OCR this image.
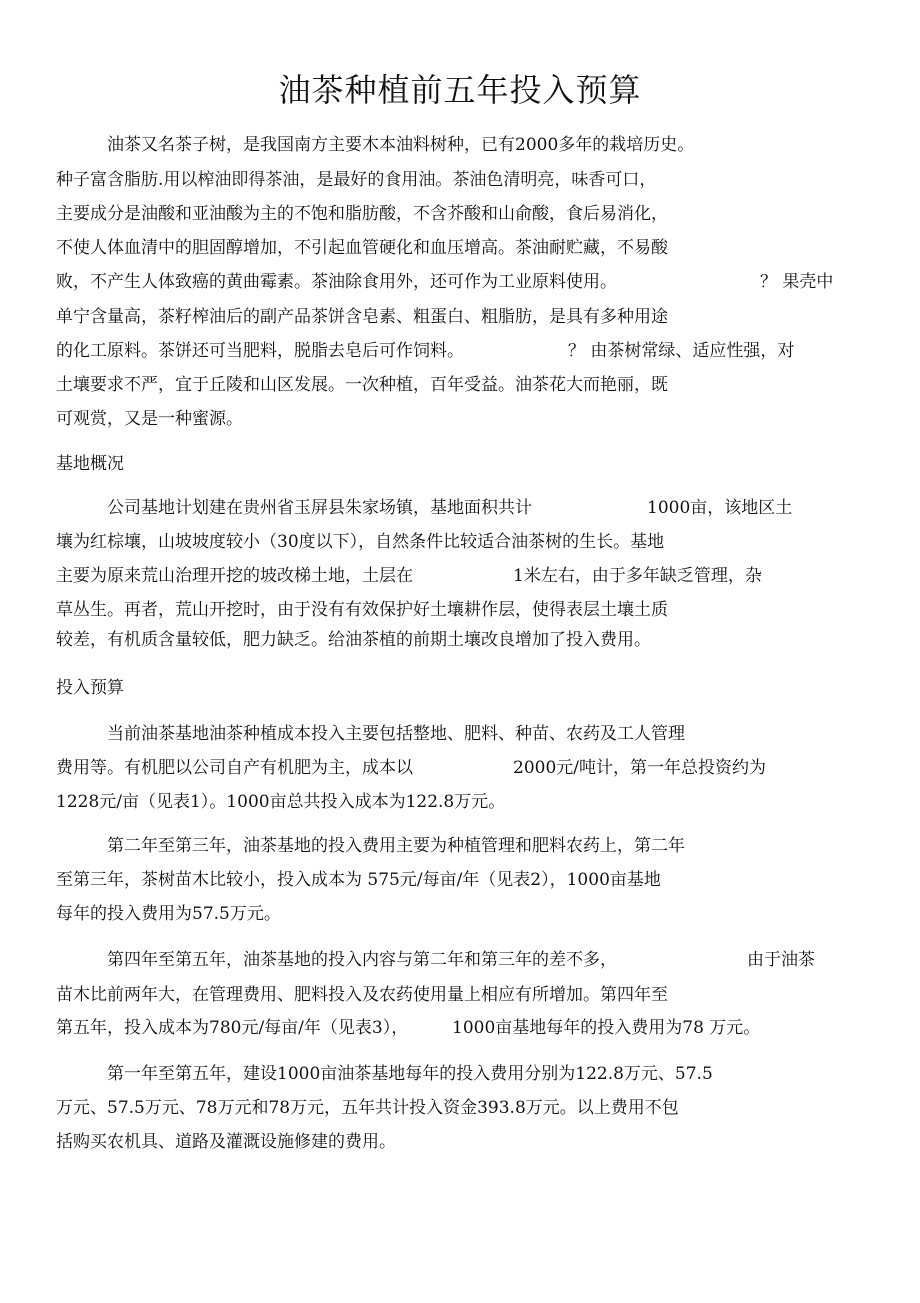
油茶种植前五年投入预算
油茶又名茶子树，是我国南方主要木本油料树种，已有2000多年的栽培历史。
种子富含脂肪.用以榨油即得茶油，是最好的食用油。茶油色清明亮，味香可口，
主要成分是油酸和亚油酸为主的不饱和脂肪酸，不含芥酸和山俞酸，食后易消化，
不使人体血清中的胆固醇增加，不引起血管硬化和血压增高。茶油耐贮藏，不易酸
败，不产生人体致癌的黄曲霉素。茶油除食用外，还可作为工业原料使用。	？ 果壳中
单宁含量高，茶籽榨油后的副产品茶饼含皂素、粗蛋白、粗脂肪，是具有多种用途
的化工原料。茶饼还可当肥料，脱脂去皂后可作饲料。	？ 由茶树常绿、适应性强，对
土壤要求不严，宜于丘陵和山区发展。一次种植，百年受益。油茶花大而艳丽，既
可观赏，又是一种蜜源。
基地概况
公司基地计划建在贵州省玉屏县朱家场镇，基地面积共计	1000亩，该地区土
壤为红棕壤，山坡坡度较小（30度以下），自然条件比较适合油茶树的生长。基地
主要为原来荒山治理开挖的坡改梯土地，土层在	1米左右，由于多年缺乏管理，杂
草丛生。再者，荒山开挖时，由于没有有效保护好土壤耕作层，使得表层土壤土质
较差，有机质含量较低，肥力缺乏。给油茶植的前期土壤改良增加了投入费用。
投入预算
当前油茶基地油茶种植成本投入主要包括整地、肥料、种苗、农药及工人管理
费用等。有机肥以公司自产有机肥为主，成本以	2000元/吨计，第一年总投资约为
1228元/亩（见表1）。1000亩总共投入成本为122.8万元。
第二年至第三年，油茶基地的投入费用主要为种植管理和肥料农药上，第二年
至第三年，茶树苗木比较小，投入成本为 575元/每亩/年（见表2），1000亩基地
每年的投入费用为57.5万元。
第四年至第五年，油茶基地的投入内容与第二年和第三年的差不多，	由于油茶
苗木比前两年大，在管理费用、肥料投入及农药使用量上相应有所增加。第四年至
第五年，投入成本为780元/每亩/年（见表3），	1000亩基地每年的投入费用为78 万元。
第一年至第五年，建设1000亩油茶基地每年的投入费用分别为122.8万元、57.5
万元、57.5万元、78万元和78万元，五年共计投入资金393.8万元。以上费用不包
括购买农机具、道路及灌溉设施修建的费用。
